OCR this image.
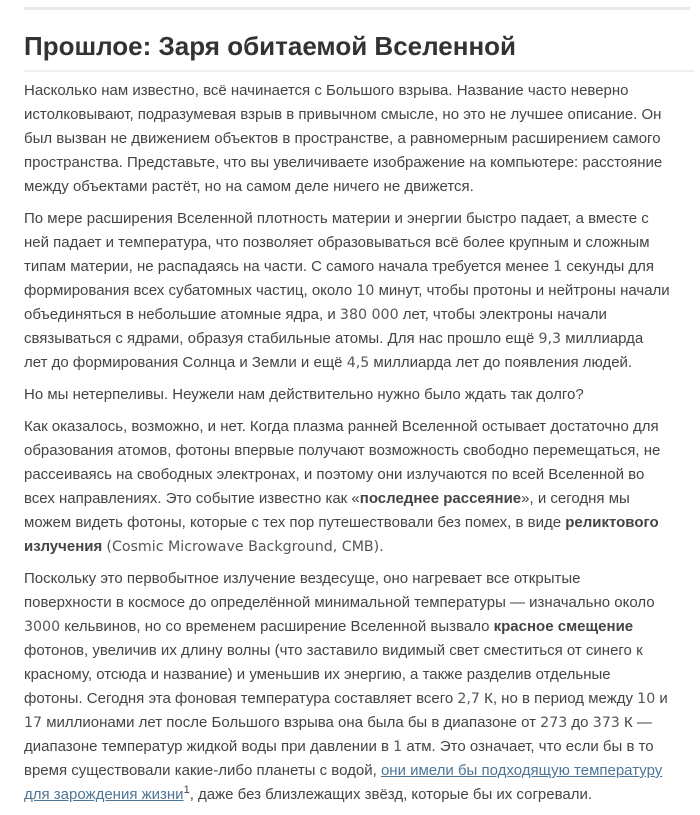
Прошлое: Заря обитаемой Вселенной

Насколько нам известно, всё начинается с Большого взрыва. Название часто неверно истолковывают, подразумевая взрыв в привычном смысле, но это не лучшее описание. Он был вызван не движением объектов в пространстве, а равномерным расширением самого пространства. Представьте, что вы увеличиваете изображение на компьютере: расстояние между объектами растёт, но на самом деле ничего не движется.

По мере расширения Вселенной плотность материи и энергии быстро падает, а вместе с ней падает и температура, что позволяет образовываться всё более крупным и сложным типам материи, не распадаясь на части. С самого начала требуется менее 1 секунды для формирования всех субатомных частиц, около 10 минут, чтобы протоны и нейтроны начали объединяться в небольшие атомные ядра, и 380 000 лет, чтобы электроны начали связываться с ядрами, образуя стабильные атомы. Для нас прошло ещё 9,3 миллиарда лет до формирования Солнца и Земли и ещё 4,5 миллиарда лет до появления людей.

Но мы нетерпеливы. Неужели нам действительно нужно было ждать так долго?

Как оказалось, возможно, и нет. Когда плазма ранней Вселенной остывает достаточно для образования атомов, фотоны впервые получают возможность свободно перемещаться, не рассеиваясь на свободных электронах, и поэтому они излучаются по всей Вселенной во всех направлениях. Это событие известно как «последнее рассеяние», и сегодня мы можем видеть фотоны, которые с тех пор путешествовали без помех, в виде реликтового излучения (Cosmic Microwave Background, CMB).

Поскольку это первобытное излучение вездесуще, оно нагревает все открытые поверхности в космосе до определённой минимальной температуры — изначально около 3000 кельвинов, но со временем расширение Вселенной вызвало красное смещение фотонов, увеличив их длину волны (что заставило видимый свет сместиться от синего к красному, отсюда и название) и уменьшив их энергию, а также разделив отдельные фотоны. Сегодня эта фоновая температура составляет всего 2,7 К, но в период между 10 и 17 миллионами лет после Большого взрыва она была бы в диапазоне от 273 до 373 К — диапазоне температур жидкой воды при давлении в 1 атм. Это означает, что если бы в то время существовали какие-либо планеты с водой, они имели бы подходящую температуру для зарождения жизни$^1$, даже без близлежащих звёзд, которые бы их согревали.
